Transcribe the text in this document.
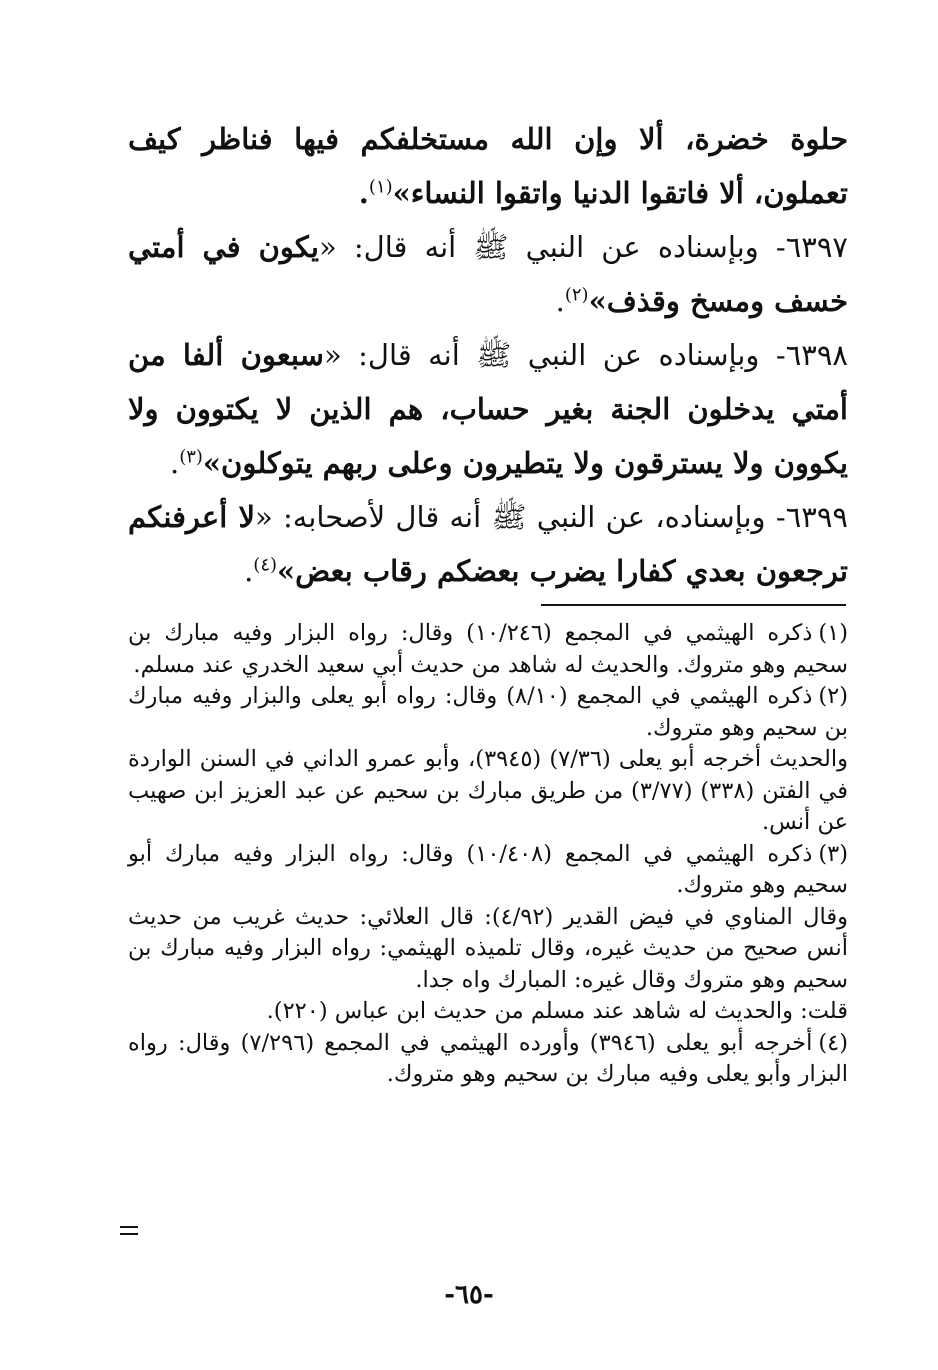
حلوة خضرة، ألا وإن الله مستخلفكم فيها فناظر كيف تعملون، ألا فاتقوا الدنيا واتقوا النساء»$^{(١)}$.

٦٣٩٧- وبإسناده عن النبي ﷺ أنه قال: «يكون في أمتي خسف ومسخ وقذف»$^{(٢)}$.

٦٣٩٨- وبإسناده عن النبي ﷺ أنه قال: «سبعون ألفا من أمتي يدخلون الجنة بغير حساب، هم الذين لا يكتوون ولا يكوون ولا يسترقون ولا يتطيرون وعلى ربهم يتوكلون»$^{(٣)}$.

٦٣٩٩- وبإسناده، عن النبي ﷺ أنه قال لأصحابه: «لا أعرفنكم ترجعون بعدي كفارا يضرب بعضكم رقاب بعض»$^{(٤)}$.

(١)ذكره الهيثمي في المجمع (١٠/٢٤٦) وقال: رواه البزار وفيه مبارك بن سحيم وهو متروك. والحديث له شاهد من حديث أبي سعيد الخدري عند مسلم.

(٢)ذكره الهيثمي في المجمع (٨/١٠) وقال: رواه أبو يعلى والبزار وفيه مبارك بن سحيم وهو متروك.

والحديث أخرجه أبو يعلى (٧/٣٦) (٣٩٤٥)، وأبو عمرو الداني في السنن الواردة في الفتن (٣٣٨) (٣/٧٧) من طريق مبارك بن سحيم عن عبد العزيز ابن صهيب عن أنس.

(٣)ذكره الهيثمي في المجمع (١٠/٤٠٨) وقال: رواه البزار وفيه مبارك أبو سحيم وهو متروك.

وقال المناوي في فيض القدير (٤/٩٢): قال العلائي: حديث غريب من حديث أنس صحيح من حديث غيره، وقال تلميذه الهيثمي: رواه البزار وفيه مبارك بن سحيم وهو متروك وقال غيره: المبارك واه جدا.

قلت: والحديث له شاهد عند مسلم من حديث ابن عباس (٢٢٠).

(٤)أخرجه أبو يعلى (٣٩٤٦) وأورده الهيثمي في المجمع (٧/٢٩٦) وقال: رواه البزار وأبو يعلى وفيه مبارك بن سحيم وهو متروك.

-٦٥-
